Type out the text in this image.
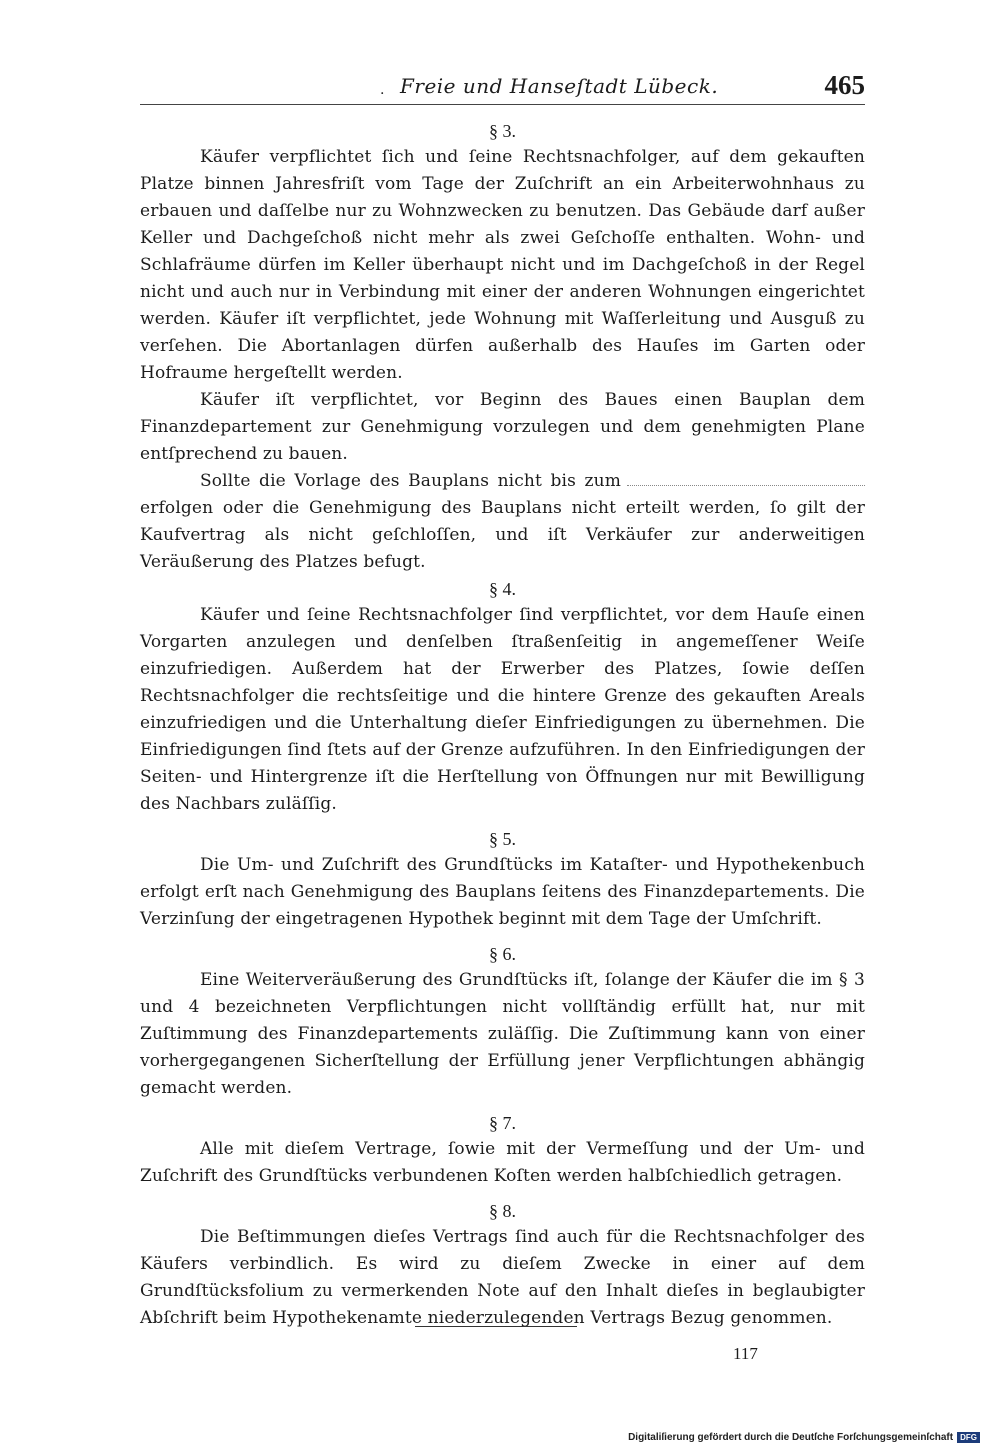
. Freie und Hanseſtadt Lübeck.	465
§ 3.

Käufer verpflichtet ſich und ſeine Rechtsnachfolger, auf dem gekauften Platze binnen Jahresfriſt vom Tage der Zuſchrift an ein Arbeiterwohnhaus zu erbauen und daſſelbe nur zu Wohnzwecken zu benutzen. Das Gebäude darf außer Keller und Dachgeſchoß nicht mehr als zwei Geſchoſſe enthalten. Wohn- und Schlafräume dürfen im Keller überhaupt nicht und im Dachgeſchoß in der Regel nicht und auch nur in Verbindung mit einer der anderen Wohnungen eingerichtet werden. Käufer iſt verpflichtet, jede Wohnung mit Waſſerleitung und Ausguß zu verſehen. Die Abortanlagen dürfen außerhalb des Hauſes im Garten oder Hofraume hergeſtellt werden.

Käufer iſt verpflichtet, vor Beginn des Baues einen Bauplan dem Finanzdepartement zur Genehmigung vorzulegen und dem genehmigten Plane entſprechend zu bauen.

Sollte die Vorlage des Bauplans nicht bis zum erfolgen oder die Genehmigung des Bauplans nicht erteilt werden, ſo gilt der Kaufvertrag als nicht geſchloſſen, und iſt Verkäufer zur anderweitigen Veräußerung des Platzes befugt.

§ 4.

Käufer und ſeine Rechtsnachfolger ſind verpflichtet, vor dem Hauſe einen Vorgarten anzulegen und denſelben ſtraßenſeitig in angemeſſener Weiſe einzufriedigen. Außerdem hat der Erwerber des Platzes, ſowie deſſen Rechtsnachfolger die rechtsſeitige und die hintere Grenze des gekauften Areals einzufriedigen und die Unterhaltung dieſer Einfriedigungen zu übernehmen. Die Einfriedigungen ſind ſtets auf der Grenze aufzuführen. In den Einfriedigungen der Seiten- und Hintergrenze iſt die Herſtellung von Öffnungen nur mit Bewilligung des Nachbars zuläſſig.

§ 5.

Die Um- und Zuſchrift des Grundſtücks im Kataſter- und Hypothekenbuch erfolgt erſt nach Genehmigung des Bauplans ſeitens des Finanzdepartements. Die Verzinſung der eingetragenen Hypothek beginnt mit dem Tage der Umſchrift.

§ 6.

Eine Weiterveräußerung des Grundſtücks iſt, ſolange der Käufer die im § 3 und 4 bezeichneten Verpflichtungen nicht vollſtändig erfüllt hat, nur mit Zuſtimmung des Finanzdepartements zuläſſig. Die Zuſtimmung kann von einer vorhergegangenen Sicherſtellung der Erfüllung jener Verpflichtungen abhängig gemacht werden.

§ 7.

Alle mit dieſem Vertrage, ſowie mit der Vermeſſung und der Um- und Zuſchrift des Grundſtücks verbundenen Koſten werden halbſchiedlich getragen.

§ 8.

Die Beſtimmungen dieſes Vertrags ſind auch für die Rechtsnachfolger des Käufers verbindlich. Es wird zu dieſem Zwecke in einer auf dem Grundſtücksfolium zu vermerkenden Note auf den Inhalt dieſes in beglaubigter Abſchrift beim Hypothekenamte niederzulegenden Vertrags Bezug genommen.

117
Digitaliſierung gefördert durch die Deutſche Forſchungsgemeinſchaft DFG
